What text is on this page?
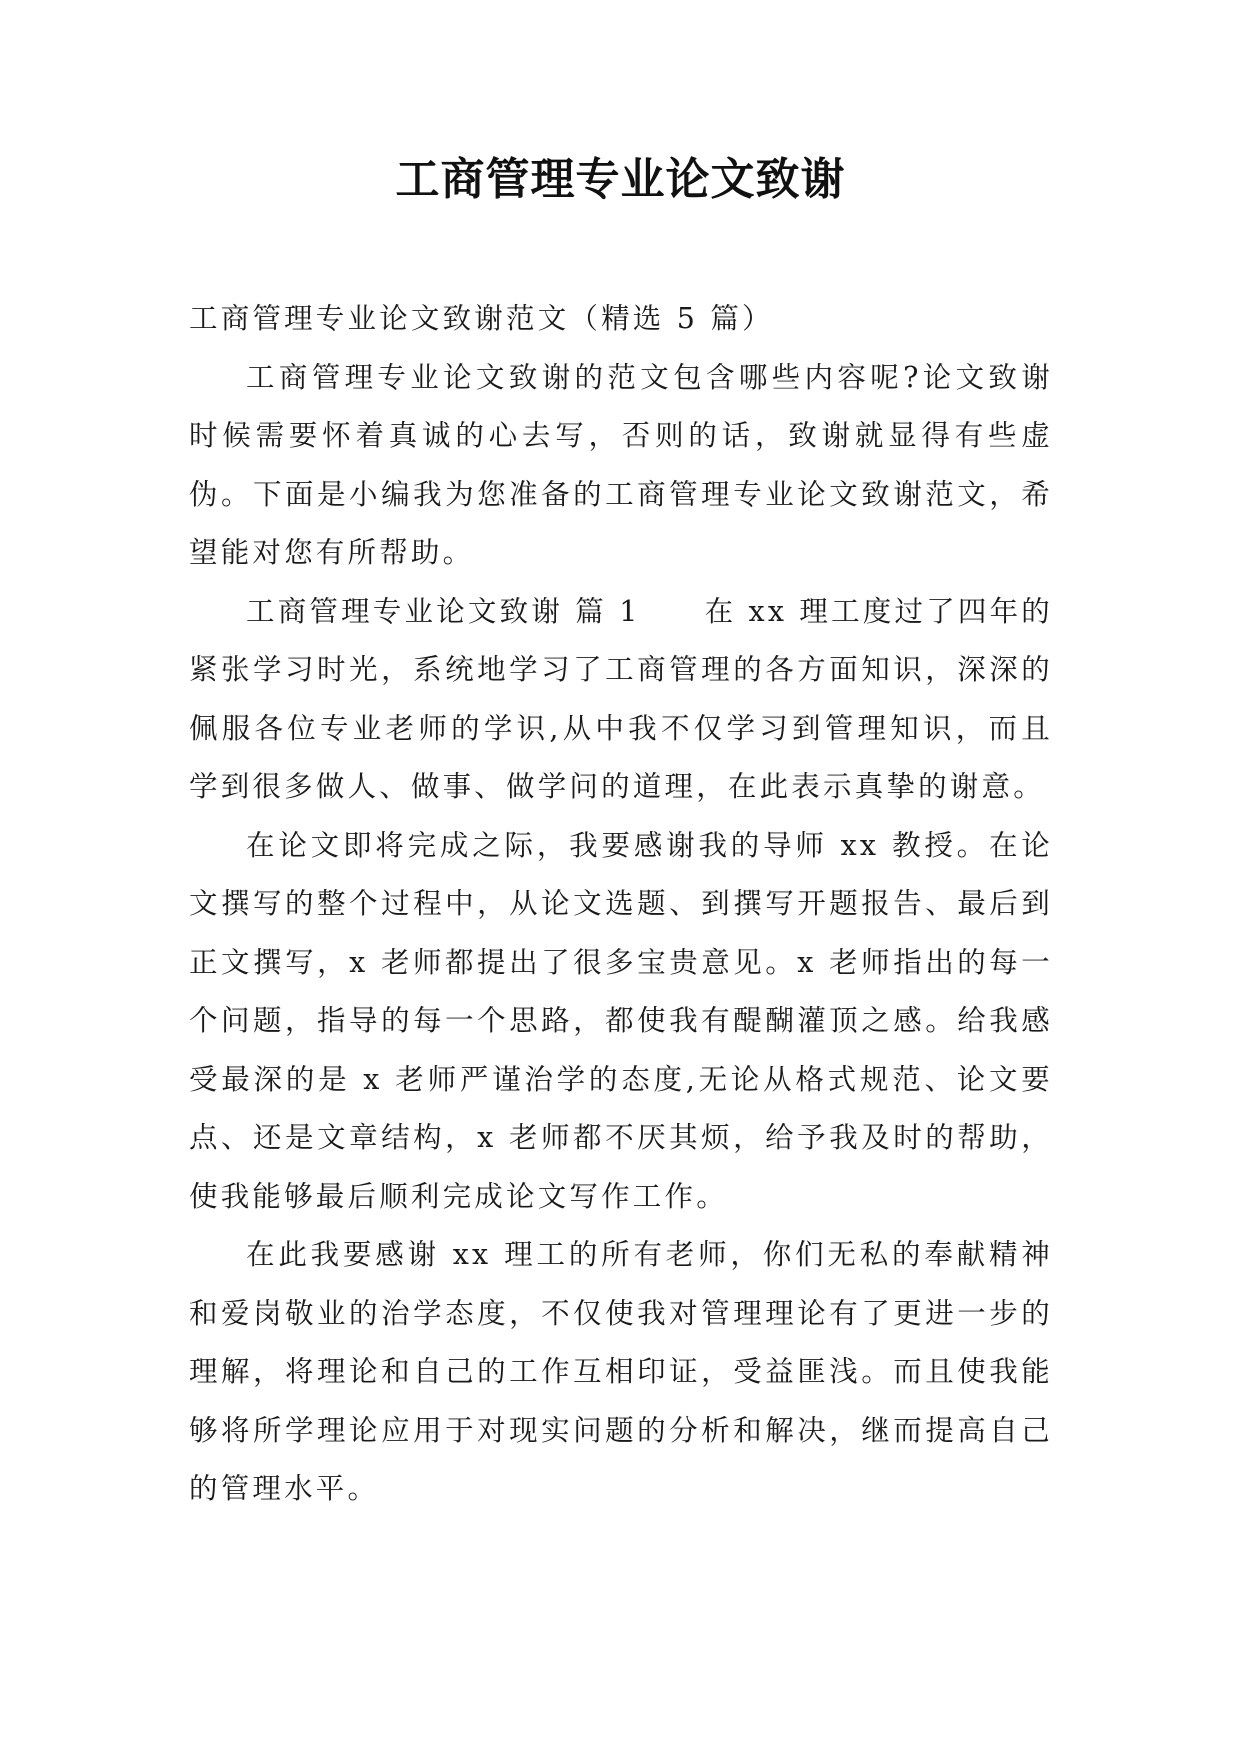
工商管理专业论文致谢

工商管理专业论文致谢范文（精选 5 篇）

工商管理专业论文致谢的范文包含哪些内容呢?论文致谢时候需要怀着真诚的心去写，否则的话，致谢就显得有些虚伪。下面是小编我为您准备的工商管理专业论文致谢范文，希望能对您有所帮助。

工商管理专业论文致谢 篇 1 在 xx 理工度过了四年的紧张学习时光，系统地学习了工商管理的各方面知识，深深的佩服各位专业老师的学识,从中我不仅学习到管理知识，而且学到很多做人、做事、做学问的道理，在此表示真挚的谢意。

在论文即将完成之际，我要感谢我的导师 xx 教授。在论文撰写的整个过程中，从论文选题、到撰写开题报告、最后到正文撰写，x 老师都提出了很多宝贵意见。x 老师指出的每一个问题，指导的每一个思路，都使我有醍醐灌顶之感。给我感受最深的是 x 老师严谨治学的态度,无论从格式规范、论文要点、还是文章结构，x 老师都不厌其烦，给予我及时的帮助，使我能够最后顺利完成论文写作工作。

在此我要感谢 xx 理工的所有老师，你们无私的奉献精神和爱岗敬业的治学态度，不仅使我对管理理论有了更进一步的理解，将理论和自己的工作互相印证，受益匪浅。而且使我能够将所学理论应用于对现实问题的分析和解决，继而提高自己的管理水平。
